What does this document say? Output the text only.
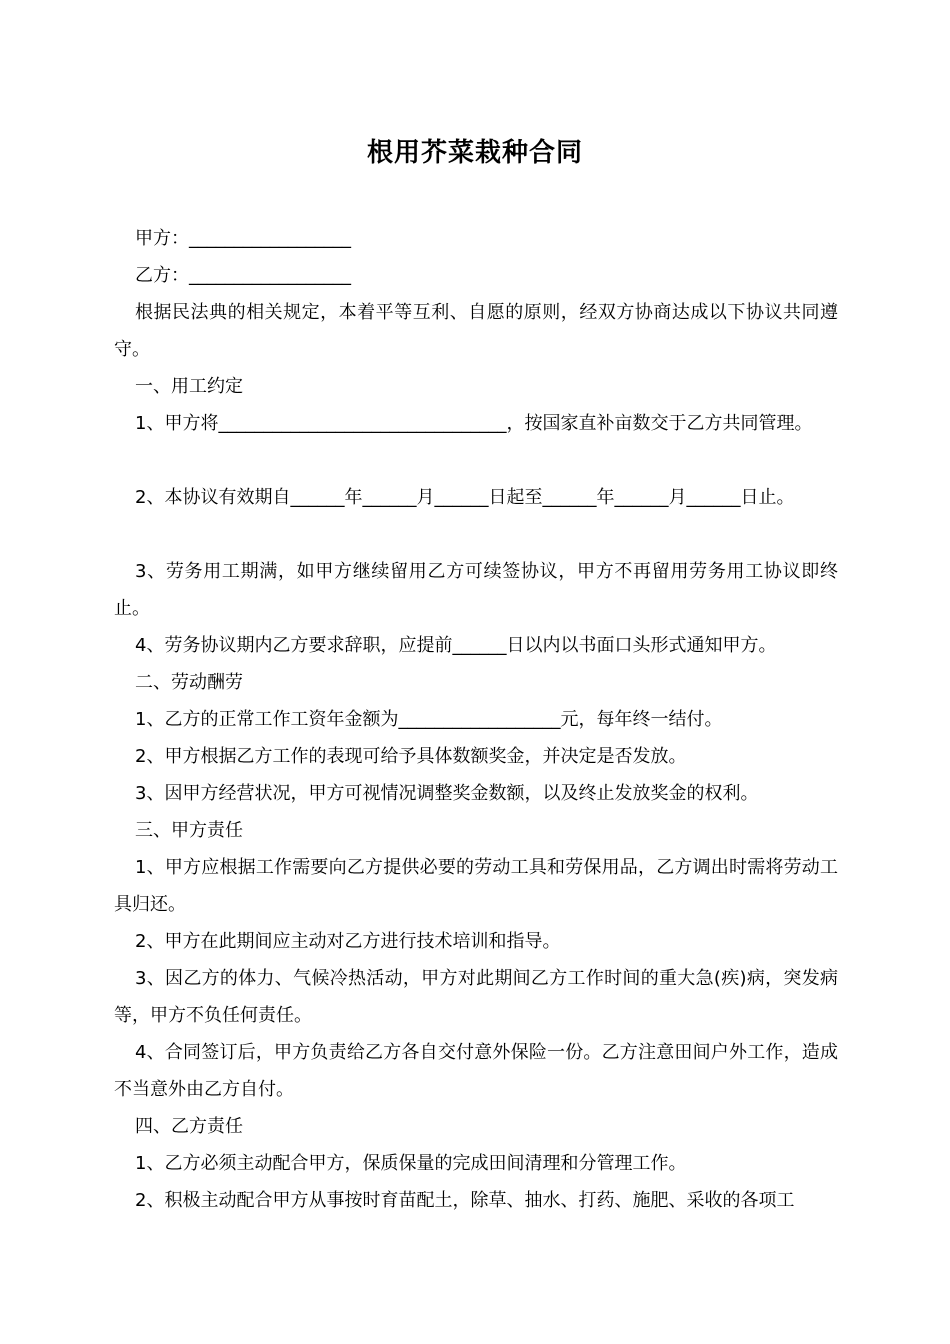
根用芥菜栽种合同

甲方：__________________

乙方：__________________

根据民法典的相关规定，本着平等互利、自愿的原则，经双方协商达成以下协议共同遵守。

一、用工约定

1、甲方将________________________________，按国家直补亩数交于乙方共同管理。

2、本协议有效期自______年______月______日起至______年______月______日止。

3、劳务用工期满，如甲方继续留用乙方可续签协议，甲方不再留用劳务用工协议即终止。

4、劳务协议期内乙方要求辞职，应提前______日以内以书面口头形式通知甲方。

二、劳动酬劳

1、乙方的正常工作工资年金额为__________________元，每年终一结付。

2、甲方根据乙方工作的表现可给予具体数额奖金，并决定是否发放。

3、因甲方经营状况，甲方可视情况调整奖金数额，以及终止发放奖金的权利。

三、甲方责任

1、甲方应根据工作需要向乙方提供必要的劳动工具和劳保用品，乙方调出时需将劳动工具归还。

2、甲方在此期间应主动对乙方进行技术培训和指导。

3、因乙方的体力、气候冷热活动，甲方对此期间乙方工作时间的重大急(疾)病，突发病等，甲方不负任何责任。

4、合同签订后，甲方负责给乙方各自交付意外保险一份。乙方注意田间户外工作，造成不当意外由乙方自付。

四、乙方责任

1、乙方必须主动配合甲方，保质保量的完成田间清理和分管理工作。

2、积极主动配合甲方从事按时育苗配土，除草、抽水、打药、施肥、采收的各项工
